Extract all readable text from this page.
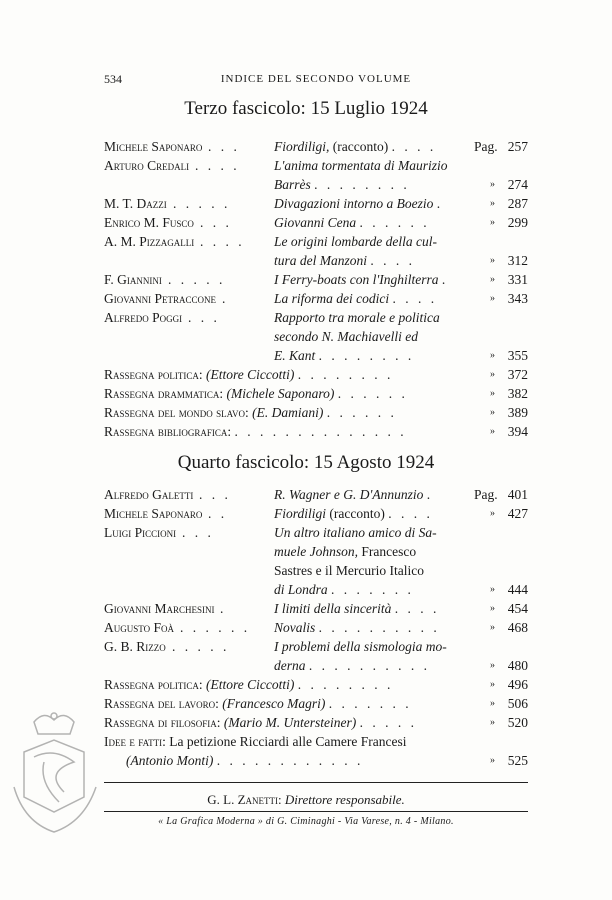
534	INDICE DEL SECONDO VOLUME
Terzo fascicolo: 15 Luglio 1924
Michele Saponaro . . .	Fiordiligi, (racconto) . . . .	Pag. 257
Arturo Credali . . . .	L'anima tormentata di Maurizio
Barrès . . . . . . . .	» 274
M. T. Dazzi . . . . .	Divagazioni intorno a Boezio .	» 287
Enrico M. Fusco . . .	Giovanni Cena . . . . . .	» 299
A. M. Pizzagalli . . . . Le origini lombarde della cul-
tura del Manzoni . . . .	» 312
F. Giannini . . . . .	I Ferry-boats con l'Inghilterra .	» 331
Giovanni Petraccone .	La riforma dei codici . . . .	» 343
Alfredo Poggi . . .	Rapporto tra morale e politica
secondo N. Machiavelli ed
E. Kant . . . . . . . .	» 355
Rassegna politica: (Ettore Ciccotti) . . . . . . . .	» 372
Rassegna drammatica: (Michele Saponaro) . . . . . .	» 382
Rassegna del mondo slavo: (E. Damiani) . . . . . .	» 389
Rassegna bibliografica: . . . . . . . . . . . . . .	» 394
Quarto fascicolo: 15 Agosto 1924
Alfredo Galetti . . .	R. Wagner e G. D'Annunzio .	Pag. 401
Michele Saponaro . .	Fiordiligi (racconto) . . . .	» 427
Luigi Piccioni . . .	Un altro italiano amico di Sa-
muele Johnson, Francesco
Sastres e il Mercurio Italico
di Londra . . . . . . .	» 444
Giovanni Marchesini .	I limiti della sincerità . . . .	» 454
Augusto Foà . . . . . . Novalis . . . . . . . . . .	» 468
G. B. Rizzo . . . . .	I problemi della sismologia mo-
derna . . . . . . . . . .	» 480
Rassegna politica: (Ettore Ciccotti) . . . . . . . .	» 496
Rassegna del lavoro: (Francesco Magri) . . . . . . .	» 506
Rassegna di filosofia: (Mario M. Untersteiner) . . . . .	» 520
Idee e fatti: La petizione Ricciardi alle Camere Francesi
(Antonio Monti) . . . . . . . . . . . .	» 525
G. L. Zanetti: Direttore responsabile.
« La Grafica Moderna » di G. Ciminaghi - Via Varese, n. 4 - Milano.
